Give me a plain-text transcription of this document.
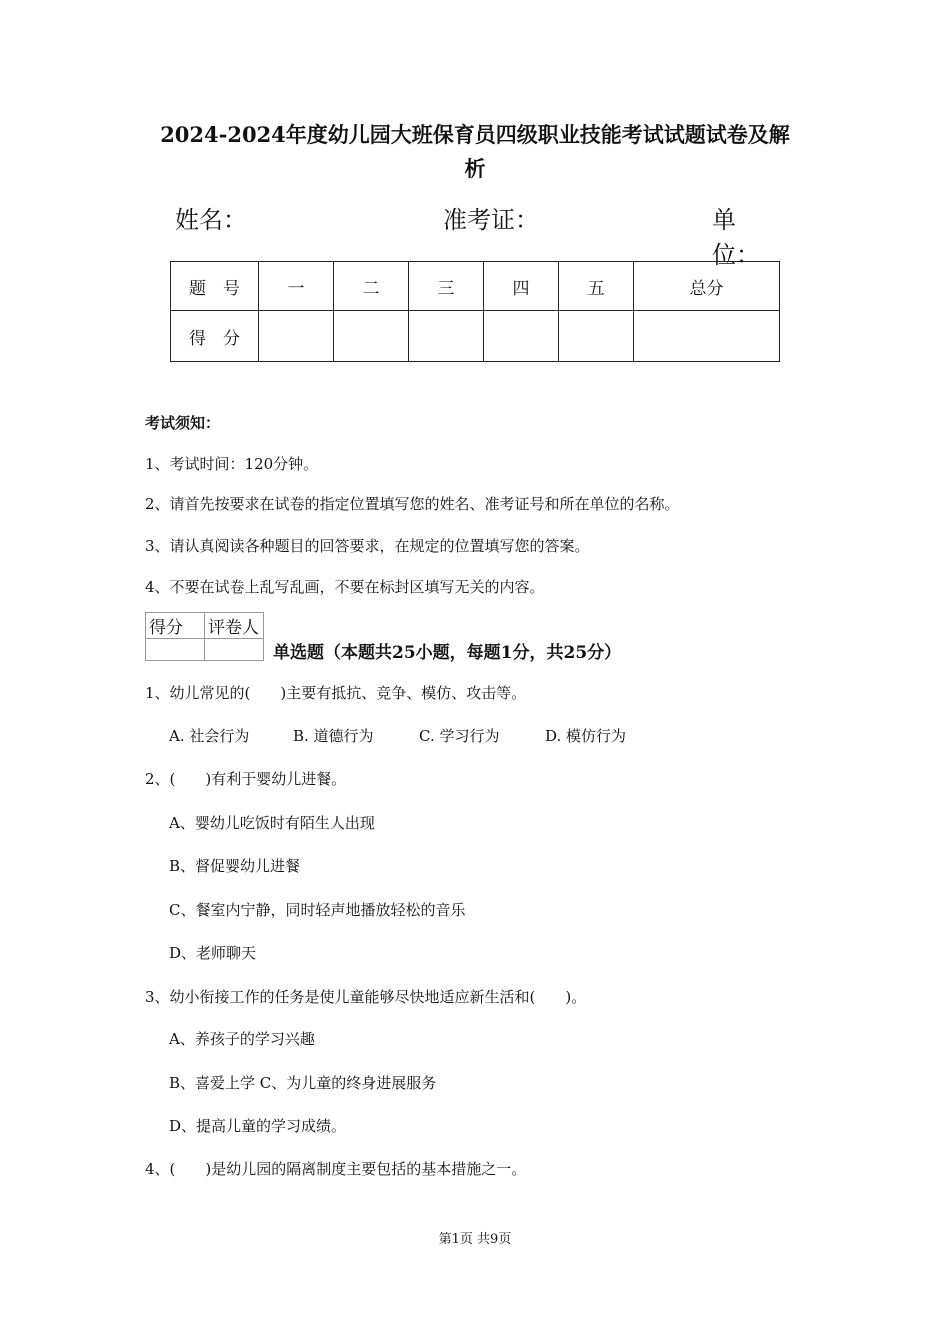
2024-2024年度幼儿园大班保育员四级职业技能考试试题试卷及解
析
姓名：	准考证：	单位：
题　号	一	二	三	四	五	总分
得　分						
考试须知：
1、考试时间：120分钟。
2、请首先按要求在试卷的指定位置填写您的姓名、准考证号和所在单位的名称。
3、请认真阅读各种题目的回答要求，在规定的位置填写您的答案。
4、不要在试卷上乱写乱画，不要在标封区填写无关的内容。
得分	评卷人

单选题（本题共25小题，每题1分，共25分）
1、幼儿常见的(　　)主要有抵抗、竞争、模仿、攻击等。
A. 社会行为	B. 道德行为	C. 学习行为	D. 模仿行为
2、(　　)有利于婴幼儿进餐。
A、婴幼儿吃饭时有陌生人出现
B、督促婴幼儿进餐
C、餐室内宁静，同时轻声地播放轻松的音乐
D、老师聊天
3、幼小衔接工作的任务是使儿童能够尽快地适应新生活和(　　)。
A、养孩子的学习兴趣
B、喜爱上学 C、为儿童的终身进展服务
D、提高儿童的学习成绩。
4、(　　)是幼儿园的隔离制度主要包括的基本措施之一。
第1页 共9页
